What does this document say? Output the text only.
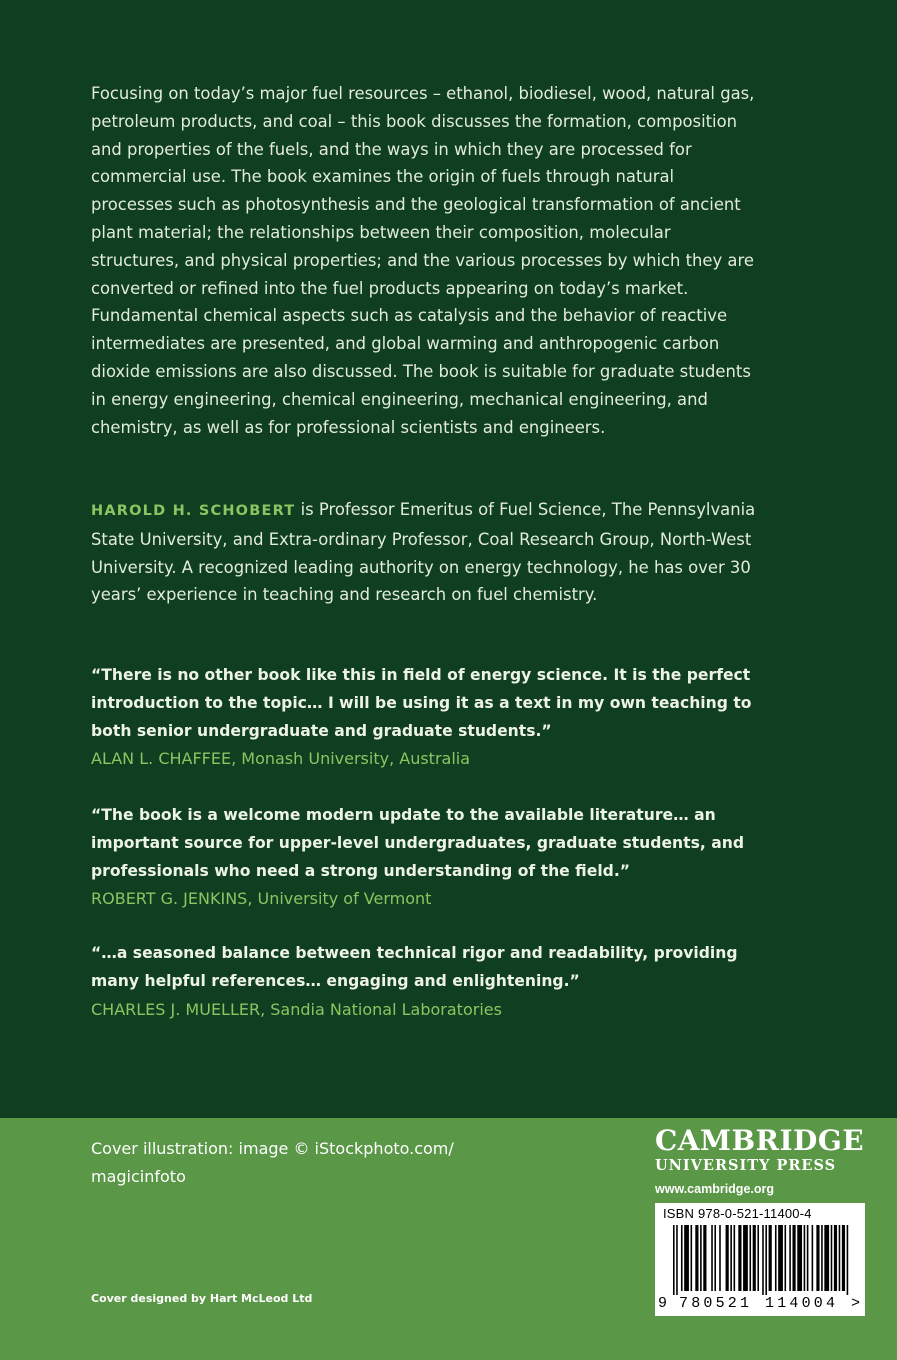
Focusing on today’s major fuel resources – ethanol, biodiesel, wood, natural gas, petroleum products, and coal – this book discusses the formation, composition and properties of the fuels, and the ways in which they are processed for commercial use. The book examines the origin of fuels through natural processes such as photosynthesis and the geological transformation of ancient plant material; the relationships between their composition, molecular structures, and physical properties; and the various processes by which they are converted or refined into the fuel products appearing on today’s market. Fundamental chemical aspects such as catalysis and the behavior of reactive intermediates are presented, and global warming and anthropogenic carbon dioxide emissions are also discussed. The book is suitable for graduate students in energy engineering, chemical engineering, mechanical engineering, and chemistry, as well as for professional scientists and engineers.

HAROLD H. SCHOBERT is Professor Emeritus of Fuel Science, The Pennsylvania State University, and Extra-ordinary Professor, Coal Research Group, North-West University. A recognized leading authority on energy technology, he has over 30 years’ experience in teaching and research on fuel chemistry.

“There is no other book like this in field of energy science. It is the perfect introduction to the topic… I will be using it as a text in my own teaching to both senior undergraduate and graduate students.”

ALAN L. CHAFFEE, Monash University, Australia

“The book is a welcome modern update to the available literature… an important source for upper-level undergraduates, graduate students, and professionals who need a strong understanding of the field.”

ROBERT G. JENKINS, University of Vermont

“…a seasoned balance between technical rigor and readability, providing many helpful references… engaging and enlightening.”

CHARLES J. MUELLER, Sandia National Laboratories

Cover illustration: image © iStockphoto.com/ magicinfoto

Cover designed by Hart McLeod Ltd
CAMBRIDGE
UNIVERSITY PRESS
www.cambridge.org
ISBN 978-0-521-11400-4
9 780521 114004 >
